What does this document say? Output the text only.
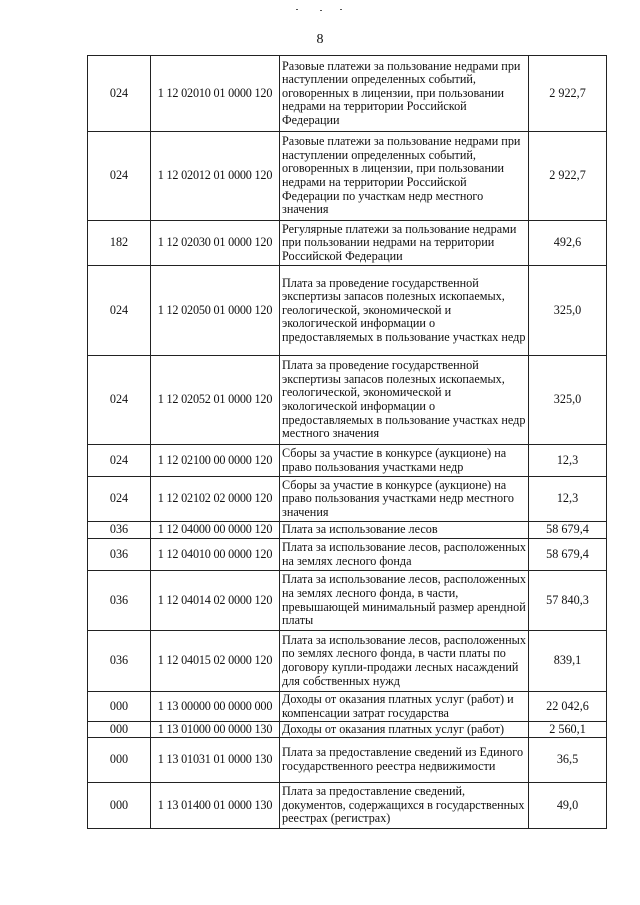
8
024	1 12 02010 01 0000 120	Разовые платежи за пользование недрами при наступлении определенных событий, оговоренных в лицензии, при пользовании недрами на территории Российской Федерации	2 922,7
024	1 12 02012 01 0000 120	Разовые платежи за пользование недрами при наступлении определенных событий, оговоренных в лицензии, при пользовании недрами на территории Российской Федерации по участкам недр местного значения	2 922,7
182	1 12 02030 01 0000 120	Регулярные платежи за пользование недрами при пользовании недрами на территории Российской Федерации	492,6
024	1 12 02050 01 0000 120	Плата за проведение государственной экспертизы запасов полезных ископаемых, геологической, экономической и экологической информации о предоставляемых в пользование участках недр	325,0
024	1 12 02052 01 0000 120	Плата за проведение государственной экспертизы запасов полезных ископаемых, геологической, экономической и экологической информации о предоставляемых в пользование участках недр местного значения	325,0
024	1 12 02100 00 0000 120	Сборы за участие в конкурсе (аукционе) на право пользования участками недр	12,3
024	1 12 02102 02 0000 120	Сборы за участие в конкурсе (аукционе) на право пользования участками недр местного значения	12,3
036	1 12 04000 00 0000 120	Плата за использование лесов	58 679,4
036	1 12 04010 00 0000 120	Плата за использование лесов, расположенных на землях лесного фонда	58 679,4
036	1 12 04014 02 0000 120	Плата за использование лесов, расположенных на землях лесного фонда, в части, превышающей минимальный размер арендной платы	57 840,3
036	1 12 04015 02 0000 120	Плата за использование лесов, расположенных по землях лесного фонда, в части платы по договору купли-продажи лесных насаждений для собственных нужд	839,1
000	1 13 00000 00 0000 000	Доходы от оказания платных услуг (работ) и компенсации затрат государства	22 042,6
000	1 13 01000 00 0000 130	Доходы от оказания платных услуг (работ)	2 560,1
000	1 13 01031 01 0000 130	Плата за предоставление сведений из Единого государственного реестра недвижимости	36,5
000	1 13 01400 01 0000 130	Плата за предоставление сведений, документов, содержащихся в государственных реестрах (регистрах)	49,0
